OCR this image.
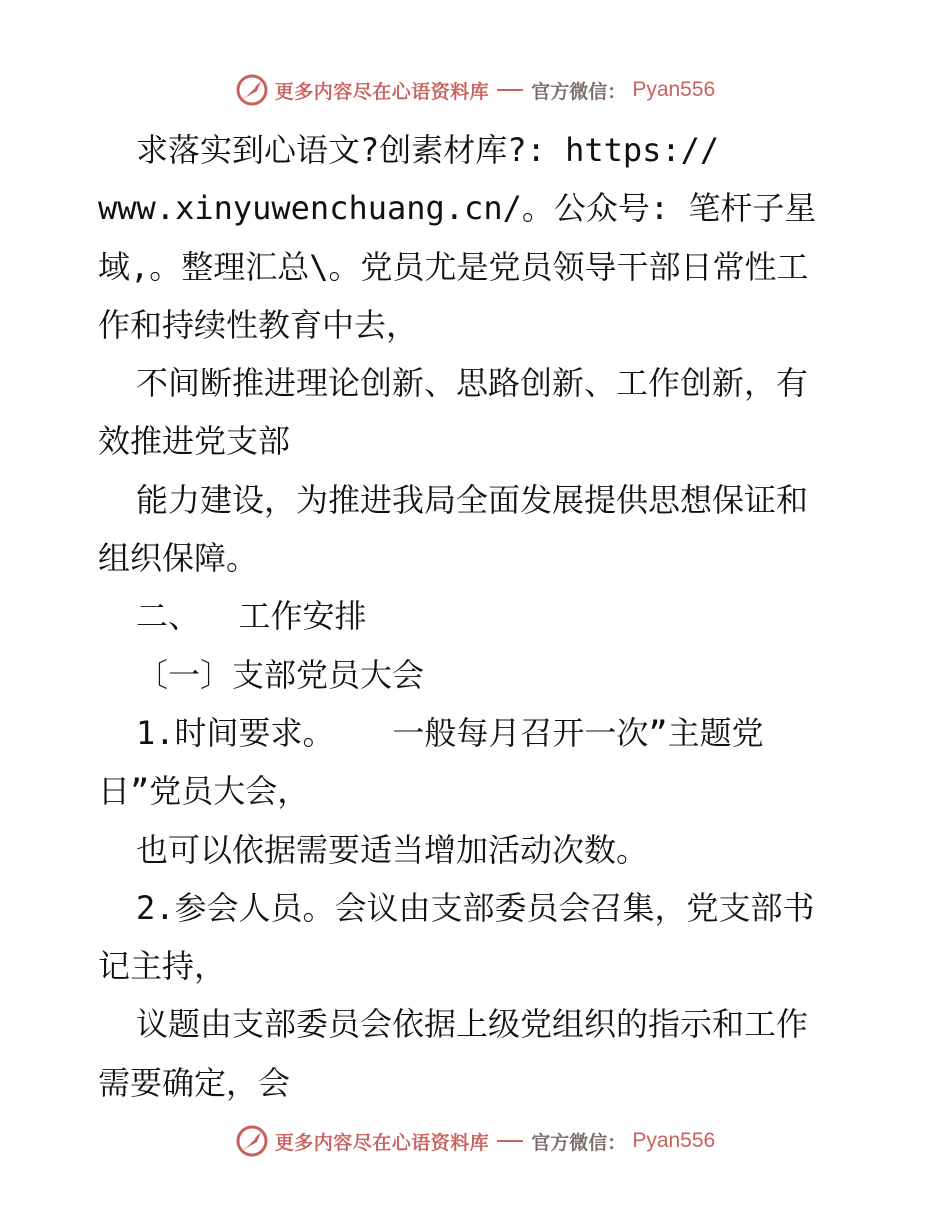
更多内容尽在心语资料库 官方微信： Pyan556
求落实到心语文?创素材库?: https://
www.xinyuwenchuang.cn/。公众号: 笔杆子星
域,。整理汇总\。党员尤是党员领导干部日常性工
作和持续性教育中去，
不间断推进理论创新、思路创新、工作创新，有
效推进党支部
能力建设，为推进我局全面发展提供思想保证和
组织保障。
二、  工作安排
〔一〕支部党员大会
1.时间要求。   一般每月召开一次”主题党
日”党员大会，
也可以依据需要适当增加活动次数。
2.参会人员。会议由支部委员会召集，党支部书
记主持，
议题由支部委员会依据上级党组织的指示和工作
需要确定，会
更多内容尽在心语资料库 官方微信： Pyan556
